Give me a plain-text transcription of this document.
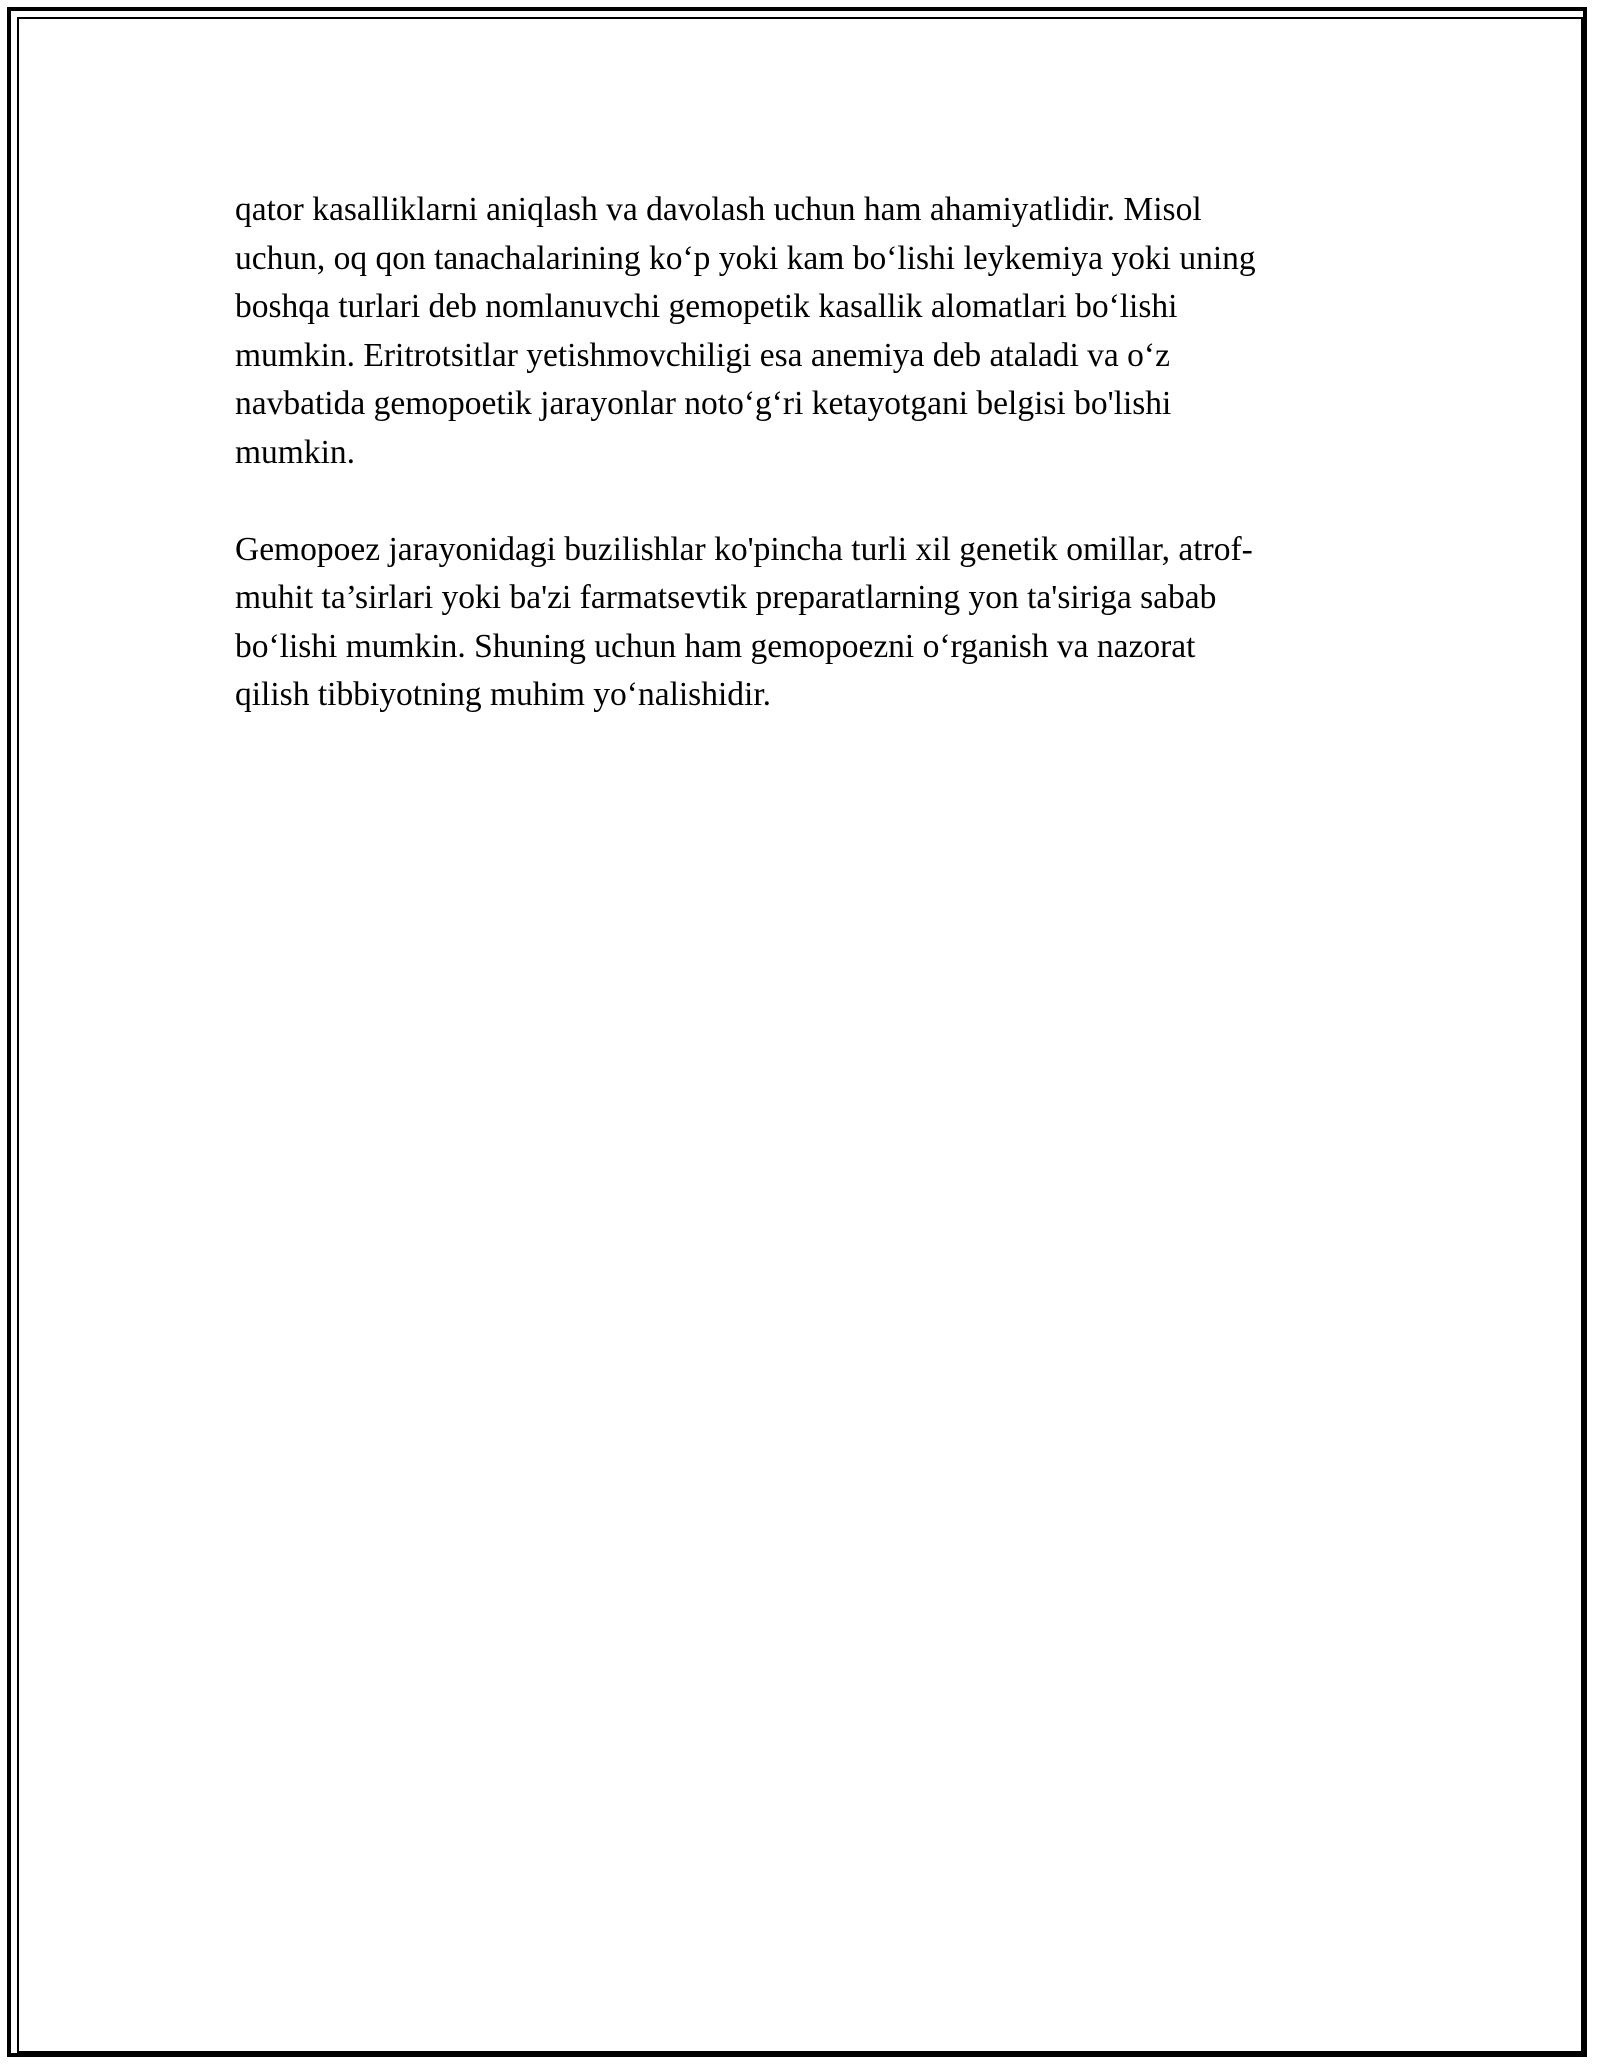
qator kasalliklarni aniqlash va davolash uchun ham ahamiyatlidir. Misol
uchun, oq qon tanachalarining ko‘p yoki kam bo‘lishi leykemiya yoki uning
boshqa turlari deb nomlanuvchi gemopetik kasallik alomatlari bo‘lishi
mumkin. Eritrotsitlar yetishmovchiligi esa anemiya deb ataladi va o‘z
navbatida gemopoetik jarayonlar noto‘g‘ri ketayotgani belgisi bo'lishi
mumkin.

Gemopoez jarayonidagi buzilishlar ko'pincha turli xil genetik omillar, atrof-
muhit ta’sirlari yoki ba'zi farmatsevtik preparatlarning yon ta'siriga sabab
bo‘lishi mumkin. Shuning uchun ham gemopoezni o‘rganish va nazorat
qilish tibbiyotning muhim yo‘nalishidir.
